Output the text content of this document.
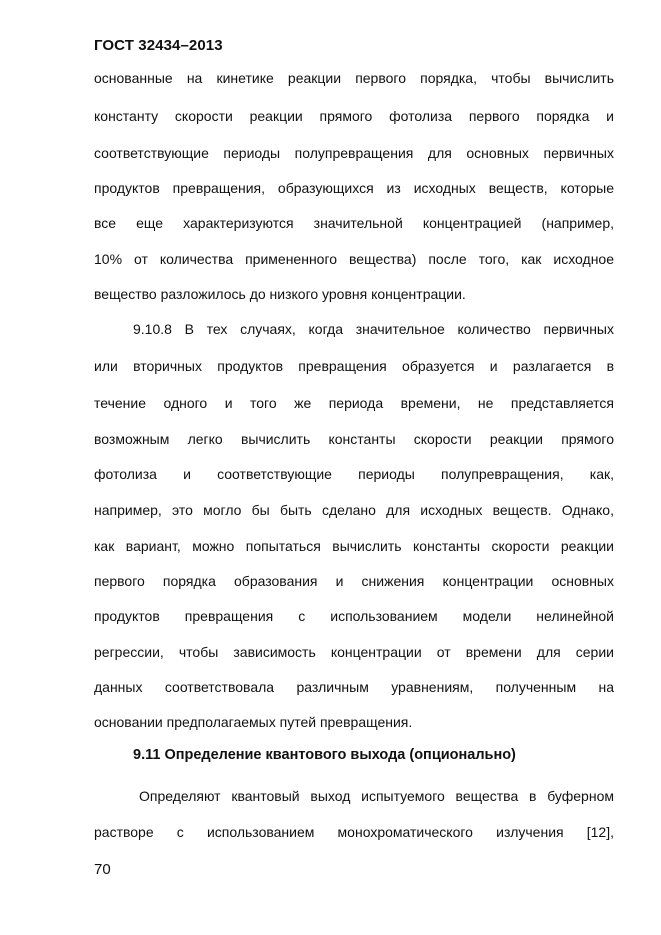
ГОСТ 32434–2013
основанные на кинетике реакции первого порядка, чтобы вычислить
константу скорости реакции прямого фотолиза первого порядка и
соответствующие периоды полупревращения для основных первичных
продуктов превращения, образующихся из исходных веществ, которые
все еще характеризуются значительной концентрацией (например,
10% от количества примененного вещества) после того, как исходное
вещество разложилось до низкого уровня концентрации.
9.10.8 В тех случаях, когда значительное количество первичных
или вторичных продуктов превращения образуется и разлагается в
течение одного и того же периода времени, не представляется
возможным легко вычислить константы скорости реакции прямого
фотолиза и соответствующие периоды полупревращения, как,
например, это могло бы быть сделано для исходных веществ. Однако,
как вариант, можно попытаться вычислить константы скорости реакции
первого порядка образования и снижения концентрации основных
продуктов превращения с использованием модели нелинейной
регрессии, чтобы зависимость концентрации от времени для серии
данных соответствовала различным уравнениям, полученным на
основании предполагаемых путей превращения.
9.11 Определение квантового выхода (опционально)
Определяют квантовый выход испытуемого вещества в буферном
растворе с использованием монохроматического излучения [12],
70
